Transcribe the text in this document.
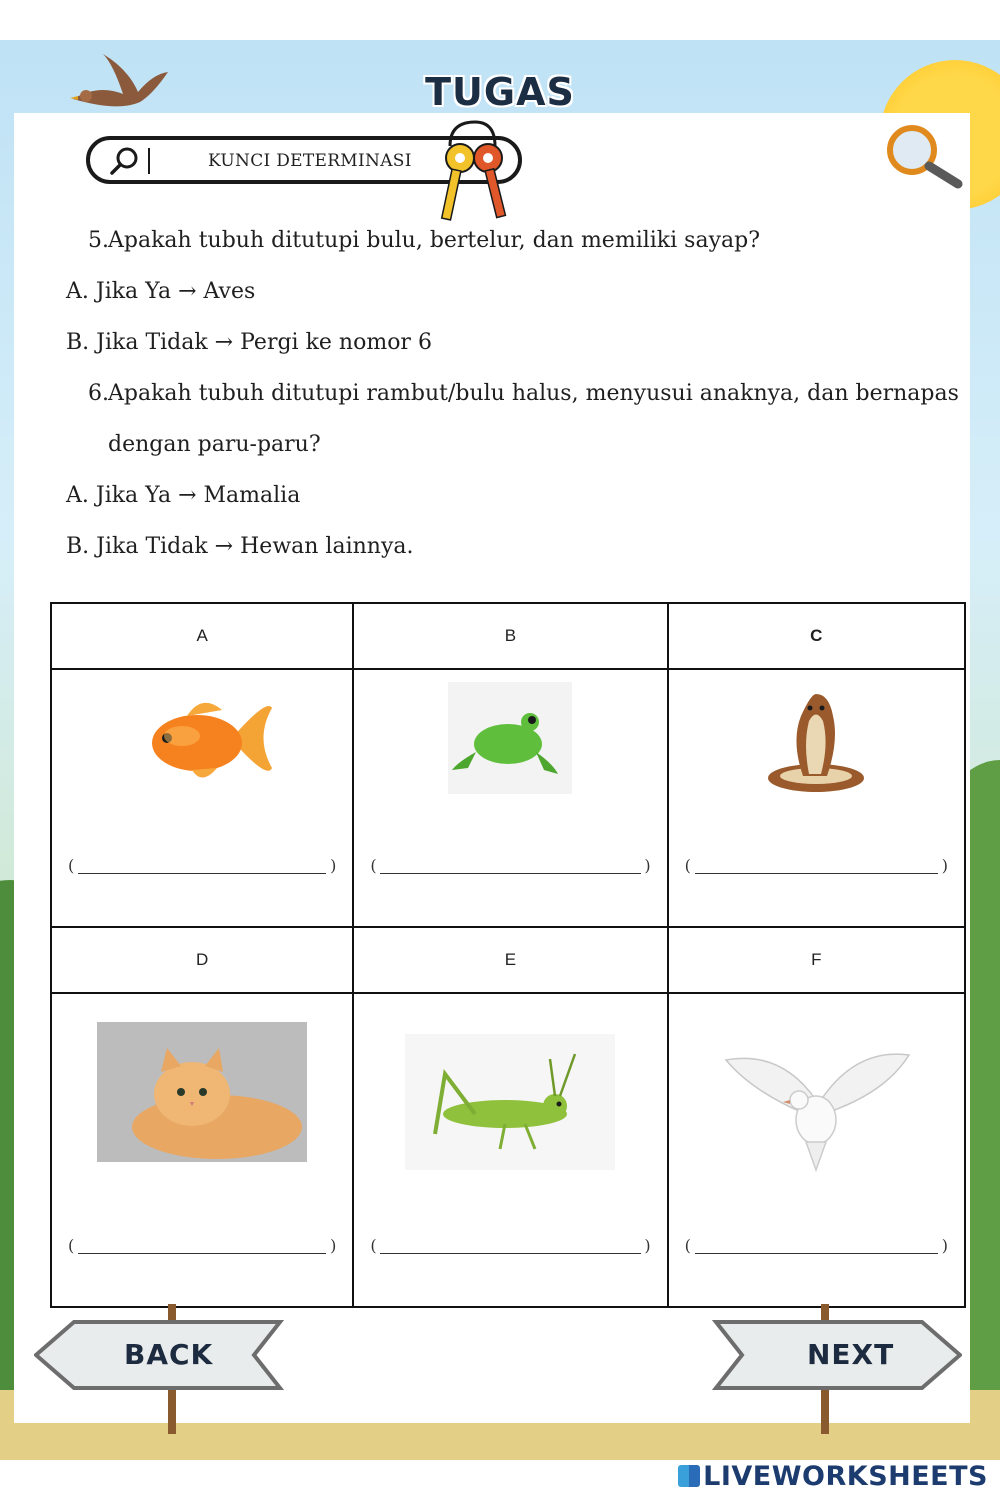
TUGAS
KUNCI DETERMINASI
5.Apakah tubuh ditutupi bulu, bertelur, dan memiliki sayap?
A. Jika Ya → Aves
B. Jika Tidak → Pergi ke nomor 6
6.Apakah tubuh ditutupi rambut/bulu halus, menyusui anaknya, dan bernapas
dengan paru-paru?
A. Jika Ya → Mamalia
B. Jika Tidak → Hewan lainnya.
A	B	C

( )	( )	( )

D	E	F

( )	( )	( )
BACK	NEXT
LIVEWORKSHEETS
